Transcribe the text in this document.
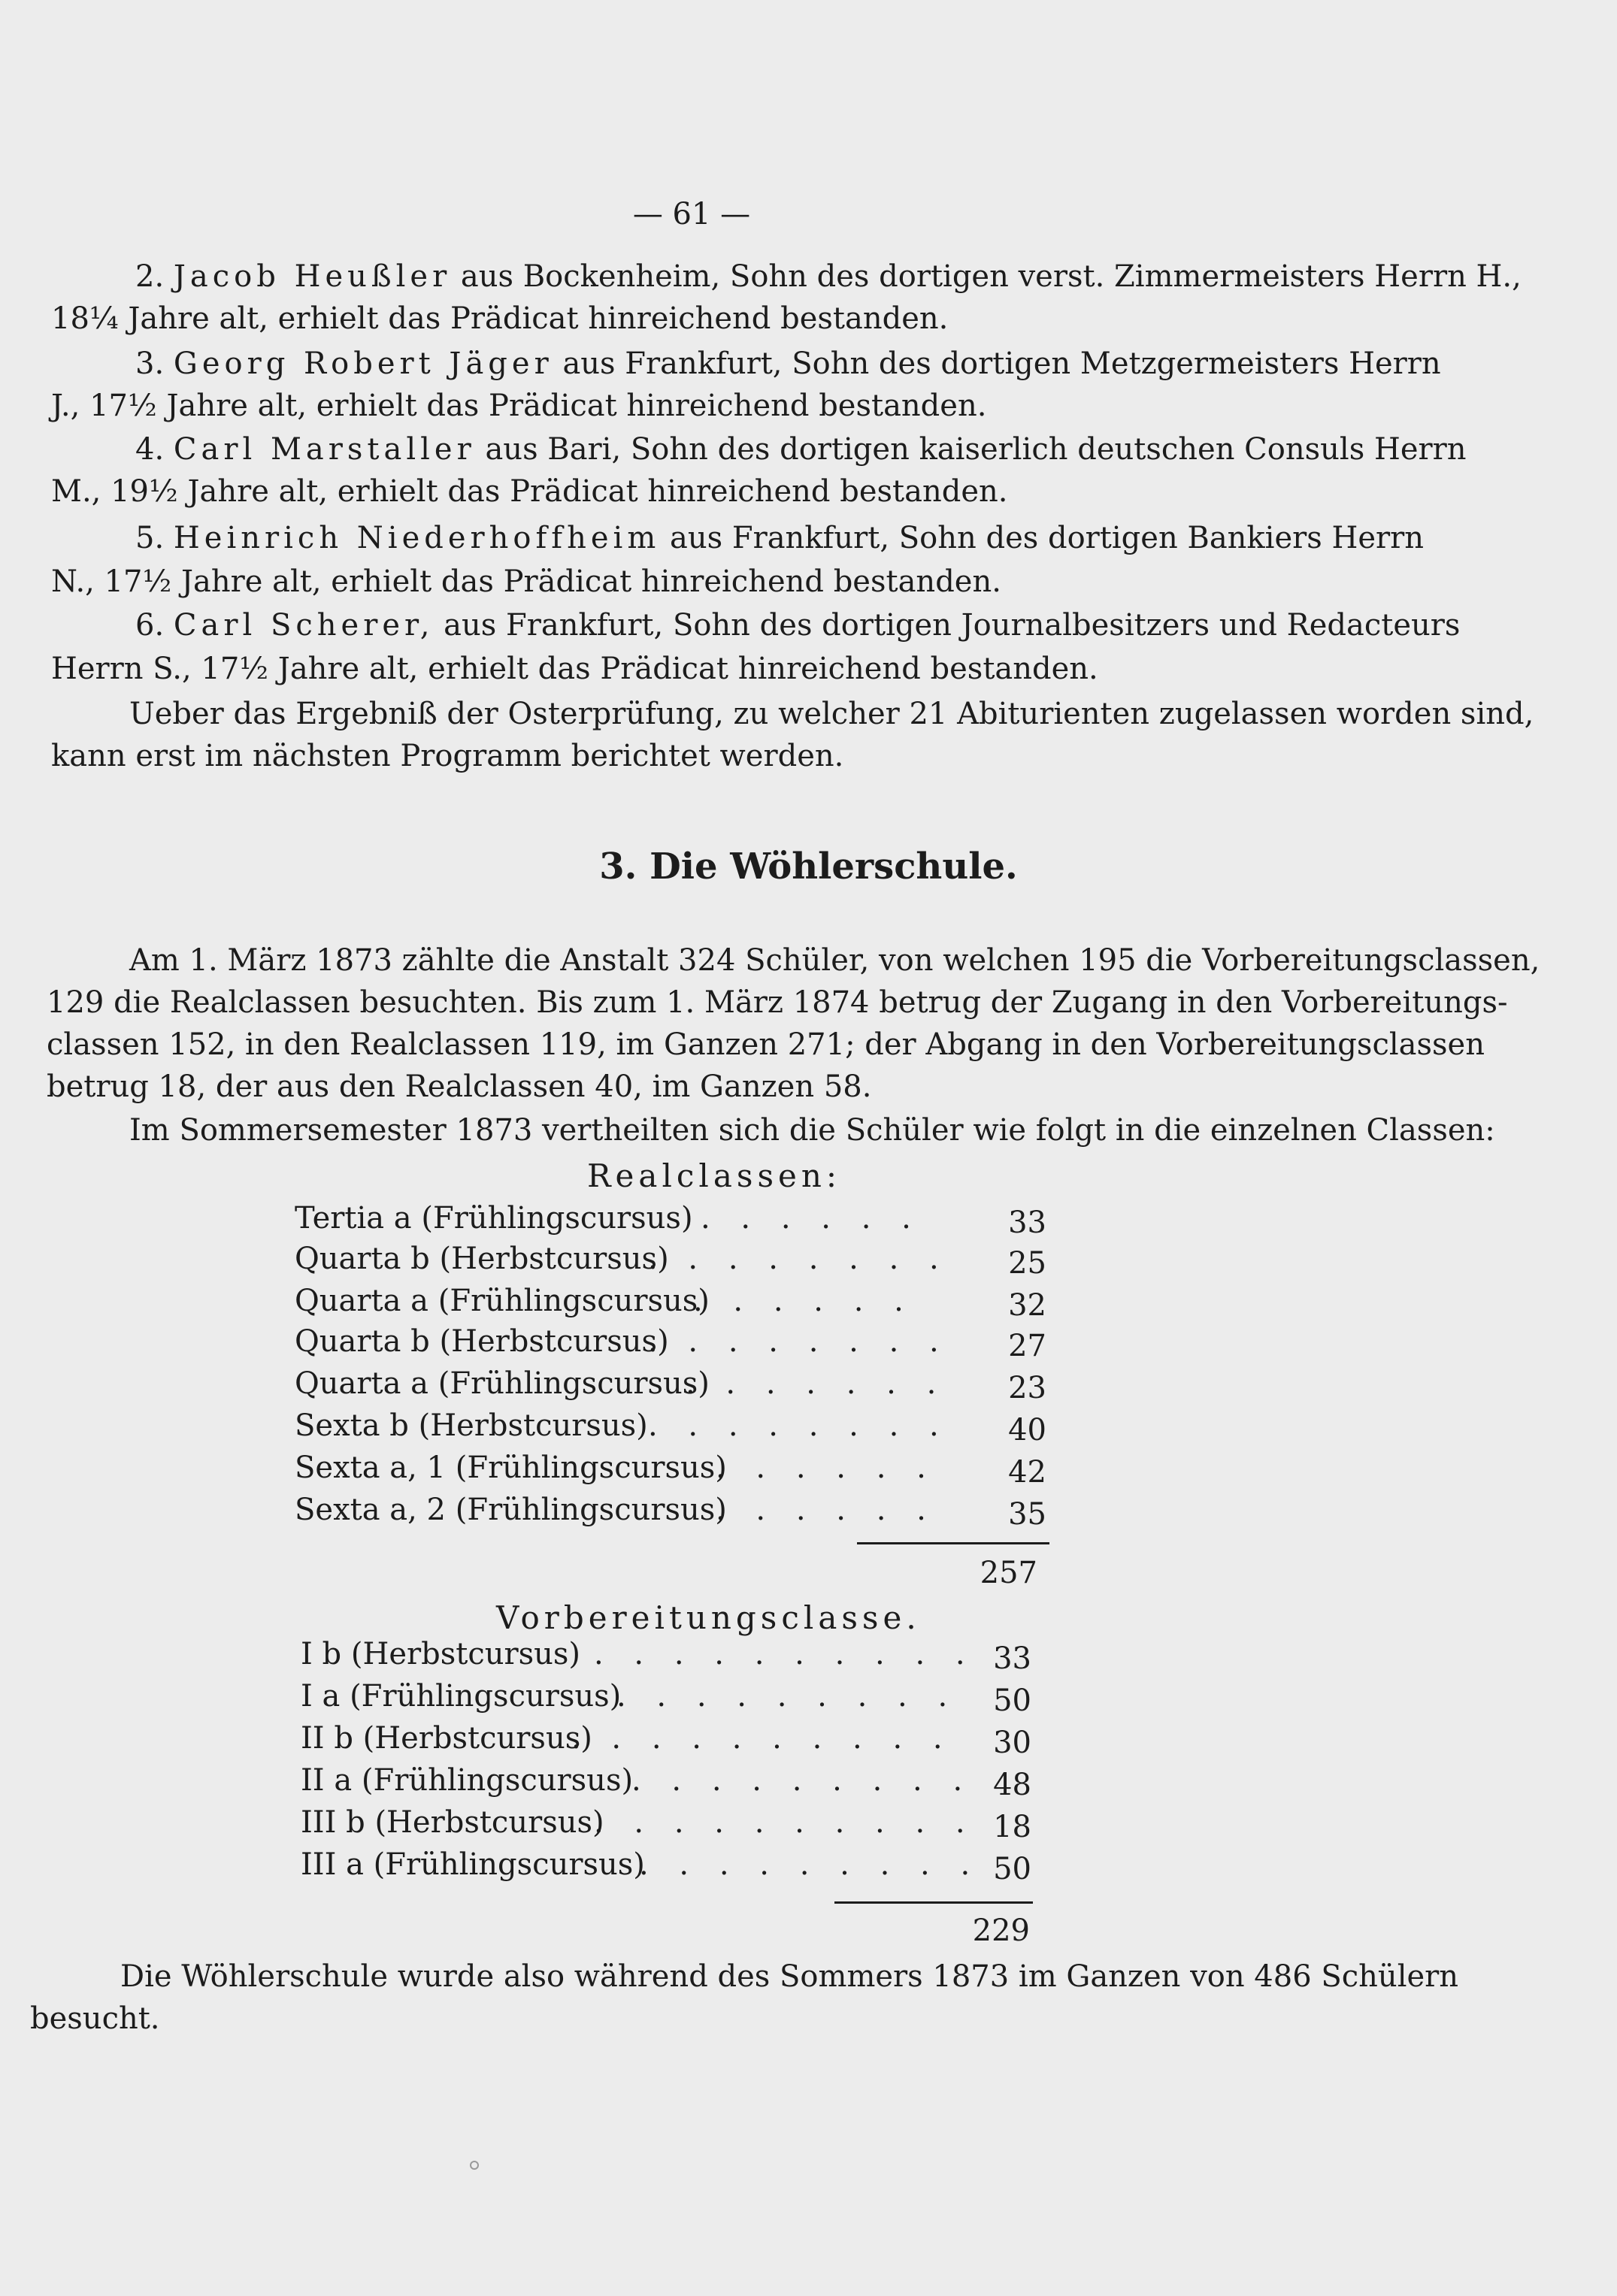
— 61 —
2. Jacob Heußler aus Bockenheim, Sohn des dortigen verst. Zimmermeisters Herrn H.,
18¼ Jahre alt, erhielt das Prädicat hinreichend bestanden.
3. Georg Robert Jäger aus Frankfurt, Sohn des dortigen Metzgermeisters Herrn
J., 17½ Jahre alt, erhielt das Prädicat hinreichend bestanden.
4. Carl Marstaller aus Bari, Sohn des dortigen kaiserlich deutschen Consuls Herrn
M., 19½ Jahre alt, erhielt das Prädicat hinreichend bestanden.
5. Heinrich Niederhoffheim aus Frankfurt, Sohn des dortigen Bankiers Herrn
N., 17½ Jahre alt, erhielt das Prädicat hinreichend bestanden.
6. Carl Scherer, aus Frankfurt, Sohn des dortigen Journalbesitzers und Redacteurs
Herrn S., 17½ Jahre alt, erhielt das Prädicat hinreichend bestanden.
Ueber das Ergebniß der Osterprüfung, zu welcher 21 Abiturienten zugelassen worden sind,
kann erst im nächsten Programm berichtet werden.
3. Die Wöhlerschule.
Am 1. März 1873 zählte die Anstalt 324 Schüler, von welchen 195 die Vorbereitungsclassen,
129 die Realclassen besuchten. Bis zum 1. März 1874 betrug der Zugang in den Vorbereitungs-
classen 152, in den Realclassen 119, im Ganzen 271; der Abgang in den Vorbereitungsclassen
betrug 18, der aus den Realclassen 40, im Ganzen 58.
Im Sommersemester 1873 vertheilten sich die Schüler wie folgt in die einzelnen Classen:
Realclassen:
Tertia a (Frühlingscursus) . . . . . .	33
Quarta b (Herbstcursus)
. . . . . . . . 25
Quarta a (Frühlingscursus)
. . . . . .	32
Quarta b (Herbstcursus)
. . . . . . . . 27
Quarta a (Frühlingscursus)
. . . . . . . 23
Sexta b (Herbstcursus) . . . . . . . . 40
Sexta a, 1 (Frühlingscursus)
. . . . . . 42
Sexta a, 2 (Frühlingscursus)
. . . . . . 35
257
Vorbereitungsclasse.
I b (Herbstcursus) . . . . . . . . . . 33
I a (Frühlingscursus)
. . . . . . . . . 50
II b (Herbstcursus)
. . . . . . . . . . 30
II a (Frühlingscursus)
. . . . . . . . . 48
III b (Herbstcursus)
. . . . . . . . . . 18
III a (Frühlingscursus)
. . . . . . . . . 50
229
Die Wöhlerschule wurde also während des Sommers 1873 im Ganzen von 486 Schülern
besucht.
